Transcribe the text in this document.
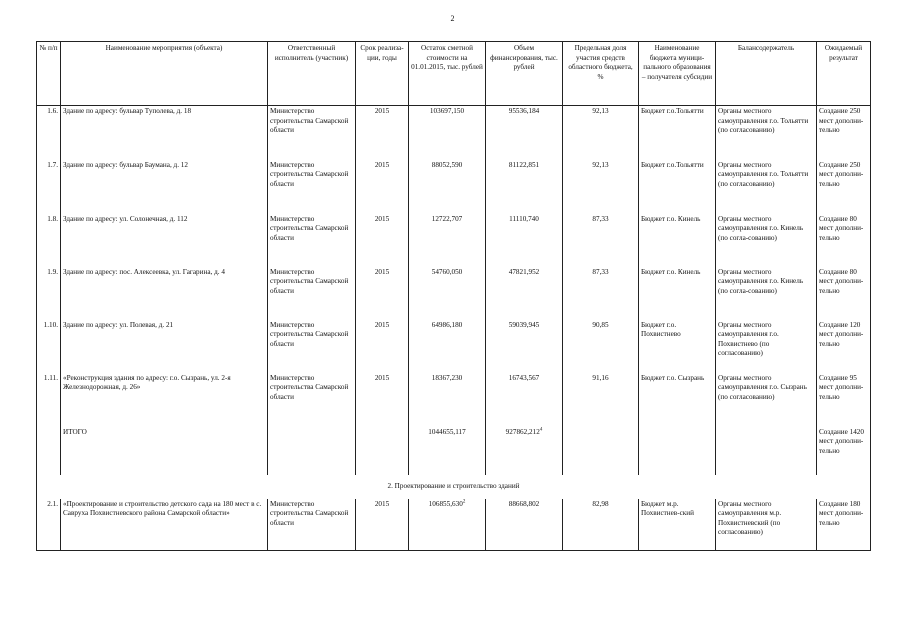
2
№ п/п	Наименование мероприятия (объекта)	Ответственный исполнитель (участник)	Срок реализа-ции, годы	Остаток сметной стоимости на 01.01.2015, тыс. рублей	Объем финансирования, тыс. рублей	Предельная доля участия средств областного бюджета, %	Наименование бюджета муници-пального образования – получателя субсидии	Балансодержатель	Ожидаемый результат
1.6.	Здание по адресу: бульвар Туполева, д. 18	Министерство строительства Самарской области	2015	103697,150	95536,184	92,13	Бюджет г.о.Тольятти	Органы местного самоуправления г.о. Тольятти (по согласованию)	Создание 250 мест дополни-тельно
1.7.	Здание по адресу: бульвар Баумана, д. 12	Министерство строительства Самарской области	2015	88052,590	81122,851	92,13	Бюджет г.о.Тольятти	Органы местного самоуправления г.о. Тольятти (по согласованию)	Создание 250 мест дополни-тельно
1.8.	Здание по адресу: ул. Солонечная, д. 112	Министерство строительства Самарской области	2015	12722,707	11110,740	87,33	Бюджет г.о. Кинель	Органы местного самоуправления г.о. Кинель (по согла-сованию)	Создание 80 мест дополни-тельно
1.9.	Здание по адресу: пос. Алексеевка, ул. Гагарина, д. 4	Министерство строительства Самарской области	2015	54760,050	47821,952	87,33	Бюджет г.о. Кинель	Органы местного самоуправления г.о. Кинель (по согла-сованию)	Создание 80 мест дополни-тельно
1.10.	Здание по адресу: ул. Полевая, д. 21	Министерство строительства Самарской области	2015	64986,180	59039,945	90,85	Бюджет г.о. Похвистнево	Органы местного самоуправления г.о. Похвистнево (по согласованию)	Создание 120 мест дополни-тельно
1.11.	«Реконструкция здания по адресу: г.о. Сызрань, ул. 2-я Железнодорожная, д. 26»	Министерство строительства Самарской области	2015	18367,230	16743,567	91,16	Бюджет г.о. Сызрань	Органы местного самоуправления г.о. Сызрань (по согласованию)	Создание 95 мест дополни-тельно
	ИТОГО			1044655,117	927862,212$^4$				Создание 1420 мест дополни-тельно
2. Проектирование и строительство зданий									
2.1.	«Проектирование и строительство детского сада на 180 мест в с. Савруха Похвистневского района Самарской области»	Министерство строительства Самарской области	2015	106855,630$^2$	88668,802	82,98	Бюджет м.р. Похвистнев-ский	Органы местного самоуправления м.р. Похвистневский (по согласованию)	Создание 180 мест дополни-тельно
